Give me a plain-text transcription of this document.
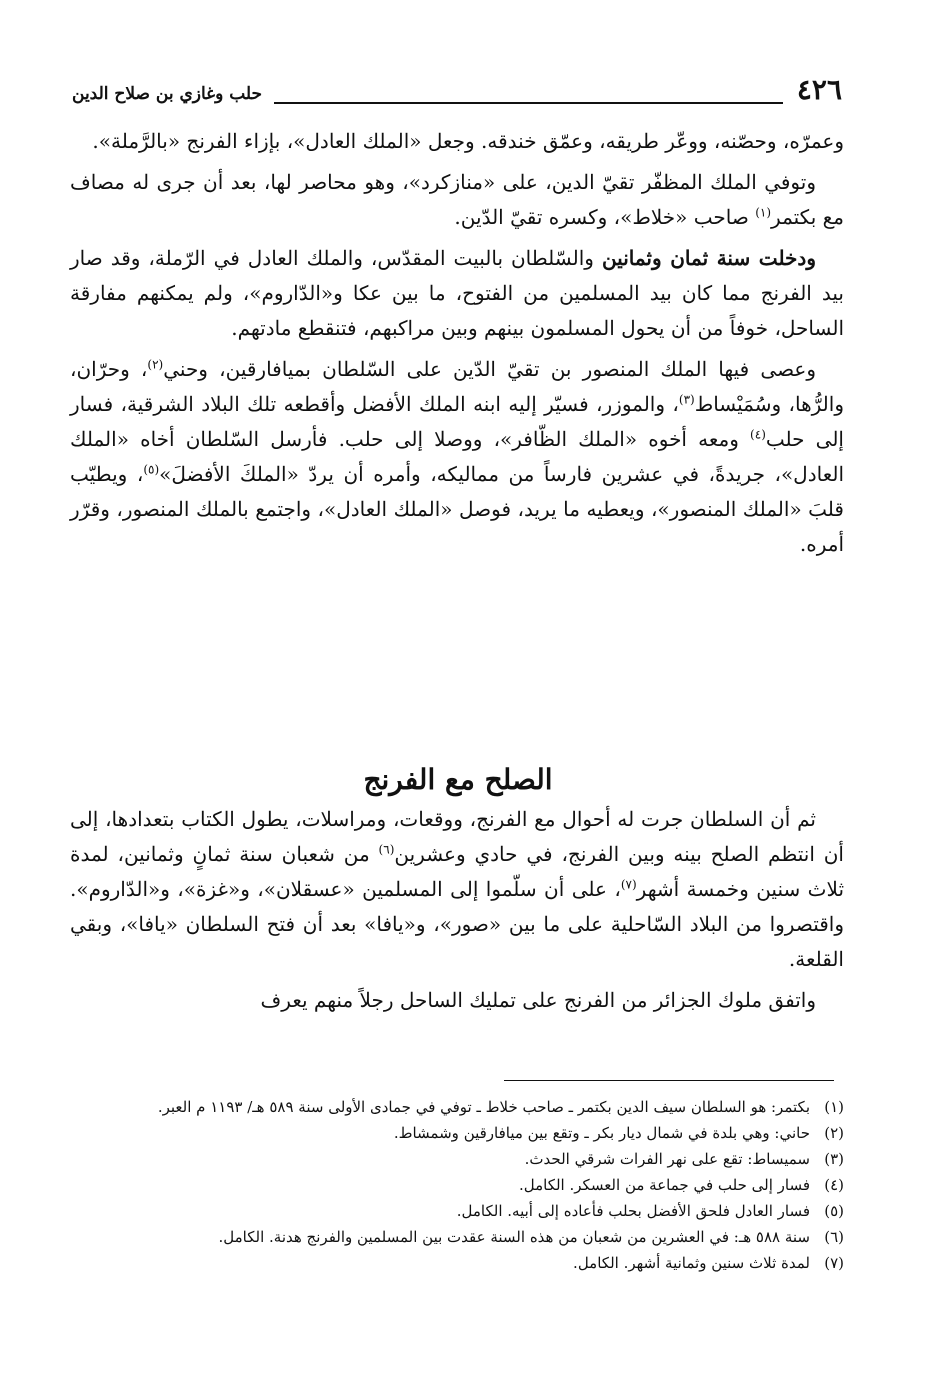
٤٢٦
حلب وغازي بن صلاح الدين

وعمرّه، وحصّنه، ووعّر طريقه، وعمّق خندقه. وجعل «الملك العادل»، بإزاء الفرنج «بالرَّملة».

وتوفي الملك المظفّر تقيّ الدين، على «منازكرد»، وهو محاصر لها، بعد أن جرى له مصاف مع بكتمر$^{(١)}$ صاحب «خلاط»، وكسره تقيّ الدّين.

ودخلت سنة ثمان وثمانين والسّلطان بالبيت المقدّس، والملك العادل في الرّملة، وقد صار بيد الفرنج مما كان بيد المسلمين من الفتوح، ما بين عكا و«الدّاروم»، ولم يمكنهم مفارقة الساحل، خوفاً من أن يحول المسلمون بينهم وبين مراكبهم، فتنقطع مادتهم.

وعصى فيها الملك المنصور بن تقيّ الدّين على السّلطان بميافارقين، وحني$^{(٢)}$، وحرّان، والرُّها، وسُمَيْساط$^{(٣)}$، والموزر، فسيّر إليه ابنه الملك الأفضل وأقطعه تلك البلاد الشرقية، فسار إلى حلب$^{(٤)}$ ومعه أخوه «الملك الظّافر»، ووصلا إلى حلب. فأرسل السّلطان أخاه «الملك العادل»، جريدةً، في عشرين فارساً من مماليكه، وأمره أن يردّ «الملكَ الأفضلَ»$^{(٥)}$، ويطيّب قلبَ «الملك المنصور»، ويعطيه ما يريد، فوصل «الملك العادل»، واجتمع بالملك المنصور، وقرّر أمره.

الصلح مع الفرنج

ثم أن السلطان جرت له أحوال مع الفرنج، ووقعات، ومراسلات، يطول الكتاب بتعدادها، إلى أن انتظم الصلح بينه وبين الفرنج، في حادي وعشرين$^{(٦)}$ من شعبان سنة ثمانٍ وثمانين، لمدة ثلاث سنين وخمسة أشهر$^{(٧)}$، على أن سلّموا إلى المسلمين «عسقلان»، و«غزة»، و«الدّاروم». واقتصروا من البلاد السّاحلية على ما بين «صور»، و«يافا» بعد أن فتح السلطان «يافا»، وبقي القلعة.

واتفق ملوك الجزائر من الفرنج على تمليك الساحل رجلاً منهم يعرف

(١)
بكتمر: هو السلطان سيف الدين بكتمر ـ صاحب خلاط ـ توفي في جمادى الأولى سنة ٥٨٩ هـ/ ١١٩٣ م العبر.
(٢)
حاني: وهي بلدة في شمال ديار بكر ـ وتقع بين ميافارقين وشمشاط.
(٣)
سميساط: تقع على نهر الفرات شرقي الحدث.
(٤)
فسار إلى حلب في جماعة من العسكر. الكامل.
(٥)
فسار العادل فلحق الأفضل بحلب فأعاده إلى أبيه. الكامل.
(٦)
سنة ٥٨٨ هـ: في العشرين من شعبان من هذه السنة عقدت بين المسلمين والفرنج هدنة. الكامل.
(٧)
لمدة ثلاث سنين وثمانية أشهر. الكامل.
